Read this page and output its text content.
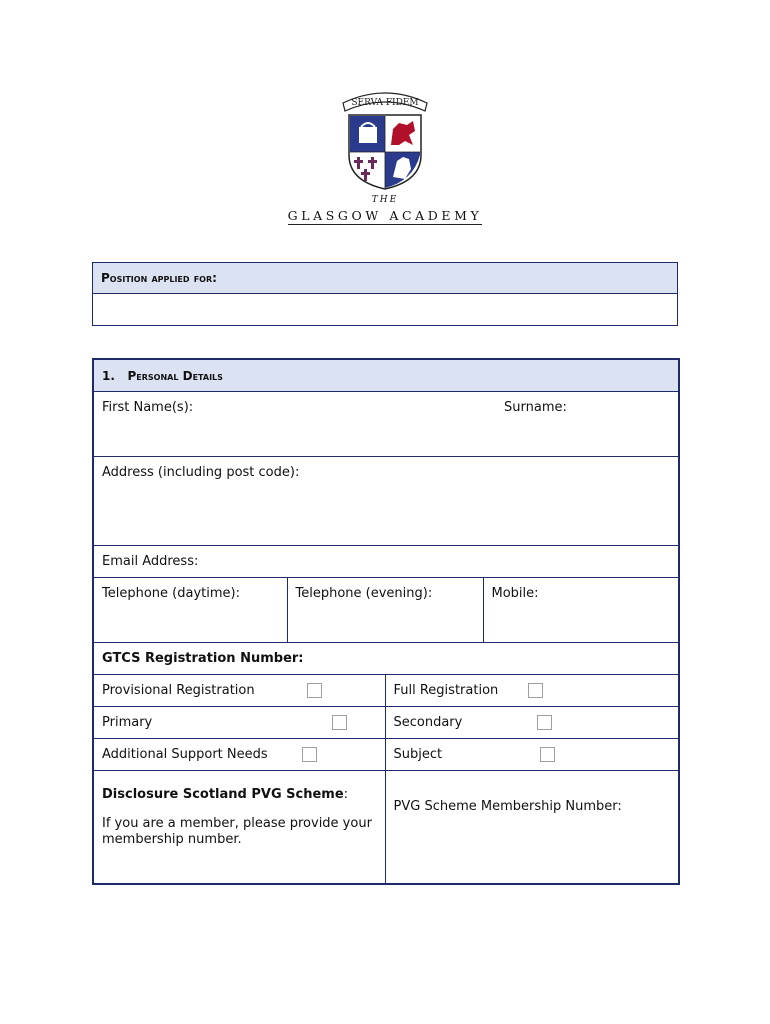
SERVA FIDEM
THE
GLASGOW ACADEMY
Position applied for:

1. Personal Details			
First Name(s): Surname:			

Address (including post code):			
Email Address:			
Telephone (daytime):	Telephone (evening):		Mobile:
GTCS Registration Number:			
Provisional Registration		Full Registration	
Primary		Secondary	
Additional Support Needs		Subject	

Disclosure Scotland PVG Scheme:
If you are a member, please provide your membership number.		PVG Scheme Membership Number:	
